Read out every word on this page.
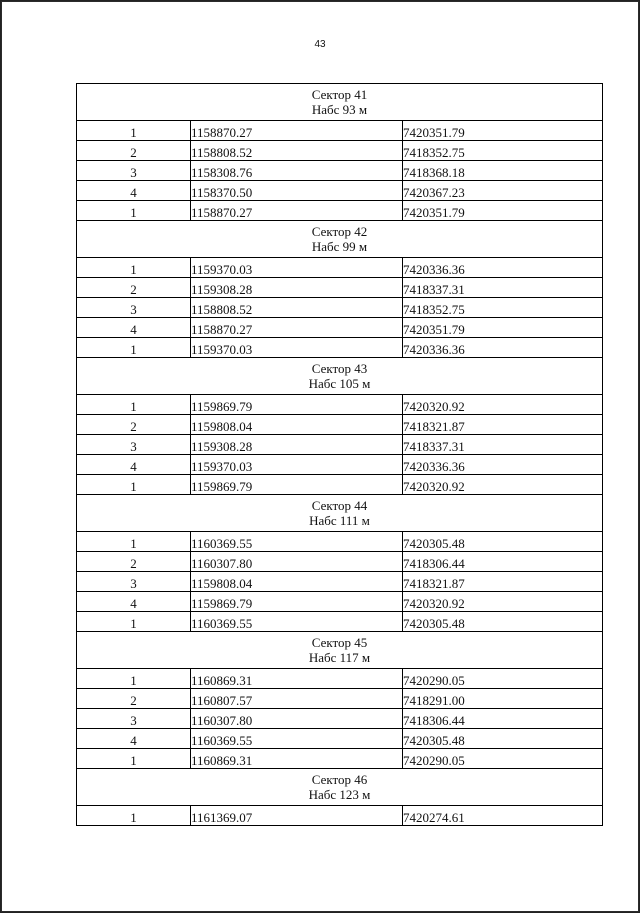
43
Сектор 41
Набс 93 м		

1	1158870.27	7420351.79
2	1158808.52	7418352.75
3	1158308.76	7418368.18
4	1158370.50	7420367.23
1	1158870.27	7420351.79

Сектор 42
Набс 99 м		

1	1159370.03	7420336.36
2	1159308.28	7418337.31
3	1158808.52	7418352.75
4	1158870.27	7420351.79
1	1159370.03	7420336.36

Сектор 43
Набс 105 м		

1	1159869.79	7420320.92
2	1159808.04	7418321.87
3	1159308.28	7418337.31
4	1159370.03	7420336.36
1	1159869.79	7420320.92

Сектор 44
Набс 111 м		

1	1160369.55	7420305.48
2	1160307.80	7418306.44
3	1159808.04	7418321.87
4	1159869.79	7420320.92
1	1160369.55	7420305.48

Сектор 45
Набс 117 м		

1	1160869.31	7420290.05
2	1160807.57	7418291.00
3	1160307.80	7418306.44
4	1160369.55	7420305.48
1	1160869.31	7420290.05

Сектор 46
Набс 123 м		

1	1161369.07	7420274.61
